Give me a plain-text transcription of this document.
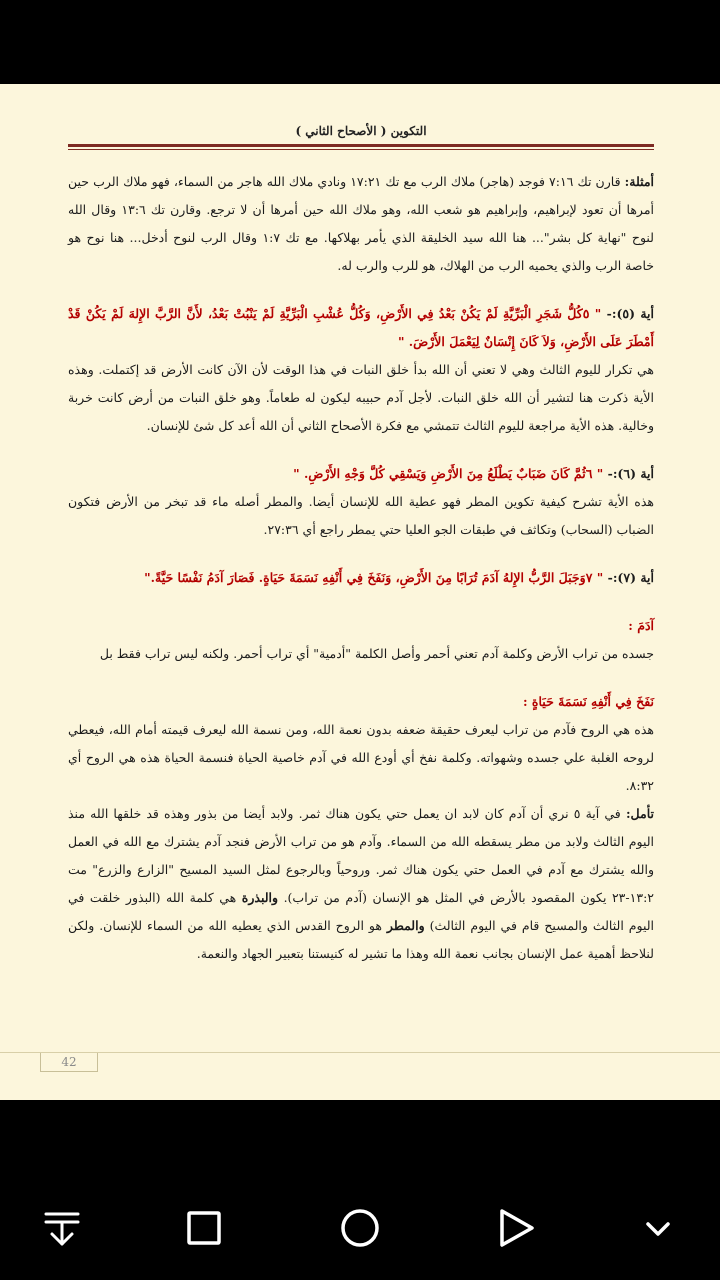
التكوين ( الأصحاح الثاني )

أمثلة: قارن تك ٧:١٦ فوجد (هاجر) ملاك الرب مع تك ١٧:٢١ ونادي ملاك الله هاجر من السماء، فهو ملاك الرب حين أمرها أن تعود لإبراهيم، وإبراهيم هو شعب الله، وهو ملاك الله حين أمرها أن لا ترجع. وقارن تك ١٣:٦ وقال الله لنوح "نهاية كل بشر"... هنا الله سيد الخليقة الذي يأمر بهلاكها. مع تك ١:٧ وقال الرب لنوح أدخل... هنا نوح هو خاصة الرب والذي يحميه الرب من الهلاك، هو للرب والرب له.

أية (٥):- " ٥كُلُّ شَجَرِ الْبَرِّيَّةِ لَمْ يَكُنْ بَعْدُ فِي الأَرْضِ، وَكُلُّ عُشْبِ الْبَرِّيَّةِ لَمْ يَنْبُتْ بَعْدُ، لأَنَّ الرَّبَّ الإِلهَ لَمْ يَكُنْ قَدْ أَمْطَرَ عَلَى الأَرْضِ، وَلاَ كَانَ إِنْسَانٌ لِيَعْمَلَ الأَرْضَ. "

هي تكرار لليوم الثالث وهي لا تعني أن الله بدأ خلق النبات في هذا الوقت لأن الآن كانت الأرض قد إكتملت. وهذه الأية ذكرت هنا لتشير أن الله خلق النبات. لأجل آدم حبيبه ليكون له طعاماً. وهو خلق النبات من أرض كانت خربة وخالية. هذه الأية مراجعة لليوم الثالث تتمشي مع فكرة الأصحاح الثاني أن الله أعد كل شئ للإنسان.

أية (٦):- " ٦ثُمَّ كَانَ ضَبَابٌ يَطْلَعُ مِنَ الأَرْضِ وَيَسْقِي كُلَّ وَجْهِ الأَرْضِ. "

هذه الأية تشرح كيفية تكوين المطر فهو عطية الله للإنسان أيضا. والمطر أصله ماء قد تبخر من الأرض فتكون الضباب (السحاب) وتكاثف في طبقات الجو العليا حتي يمطر راجع أي ٢٧:٣٦.

أية (٧):- " ٧وَجَبَلَ الرَّبُّ الإِلهُ آدَمَ تُرَابًا مِنَ الأَرْضِ، وَنَفَخَ فِي أَنْفِهِ نَسَمَةَ حَيَاةٍ. فَصَارَ آدَمُ نَفْسًا حَيَّةً."

آدَمَ :

جسده من تراب الأرض وكلمة آدم تعني أحمر وأصل الكلمة "أدمية" أي تراب أحمر. ولكنه ليس تراب فقط بل

نَفَخَ فِي أَنْفِهِ نَسَمَةَ حَيَاةٍ :

هذه هي الروح فآدم من تراب ليعرف حقيقة ضعفه بدون نعمة الله، ومن نسمة الله ليعرف قيمته أمام الله، فيعطي لروحه الغلبة علي جسده وشهواته. وكلمة نفخ أي أودع الله في آدم خاصية الحياة فنسمة الحياة هذه هي الروح أي ٨:٣٢.

تأمل: في آية ٥ نري أن آدم كان لابد ان يعمل حتي يكون هناك ثمر. ولابد أيضا من بذور وهذه قد خلقها الله منذ اليوم الثالث ولابد من مطر يسقطه الله من السماء. وآدم هو من تراب الأرض فنجد آدم يشترك مع الله في العمل والله يشترك مع آدم في العمل حتي يكون هناك ثمر. وروحياً وبالرجوع لمثل السيد المسيح "الزارع والزرع" مت ١٣:٢-٢٣ يكون المقصود بالأرض في المثل هو الإنسان (آدم من تراب). والبذرة هي كلمة الله (البذور خلقت في اليوم الثالث والمسيح قام في اليوم الثالث) والمطر هو الروح القدس الذي يعطيه الله من السماء للإنسان. ولكن لنلاحظ أهمية عمل الإنسان بجانب نعمة الله وهذا ما تشير له كنيستنا بتعبير الجهاد والنعمة.

42
